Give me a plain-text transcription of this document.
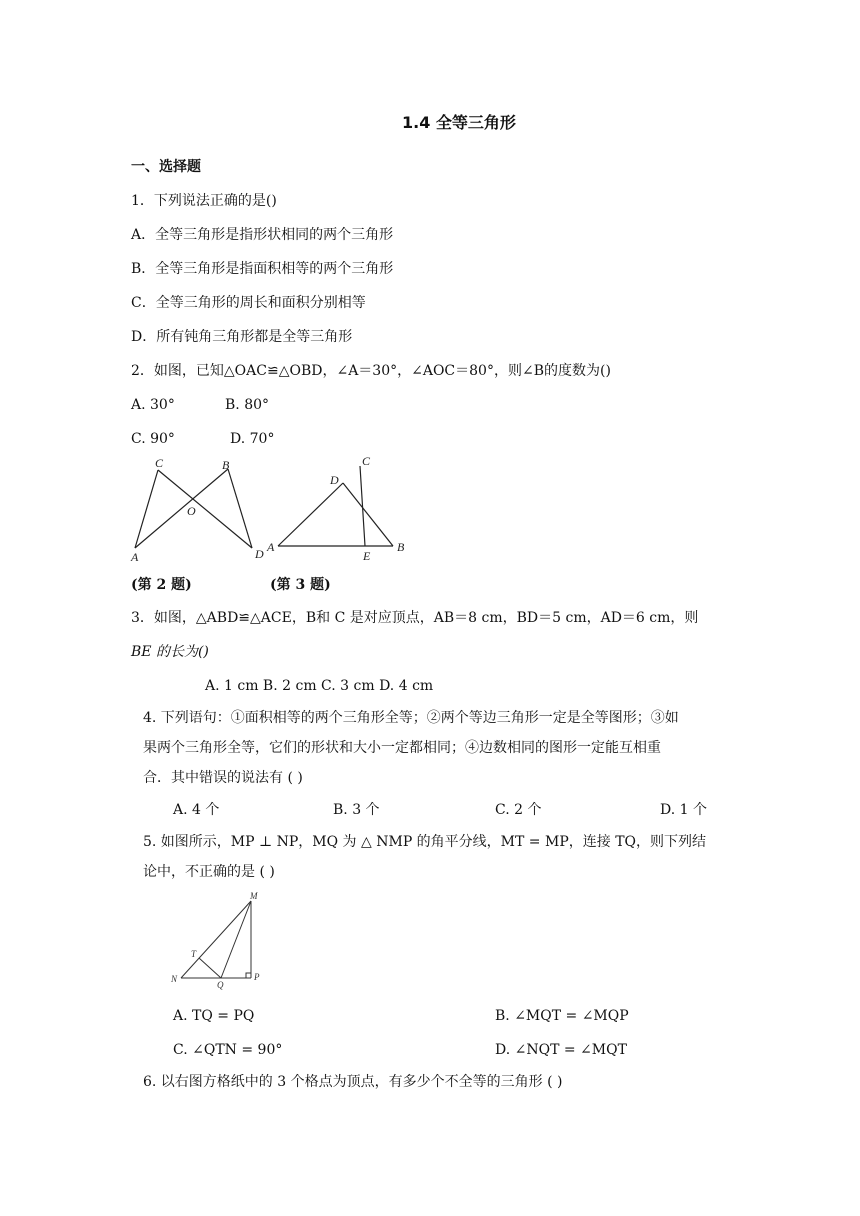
1.4 全等三角形
一、选择题
1．下列说法正确的是()
A．全等三角形是指形状相同的两个三角形
B．全等三角形是指面积相等的两个三角形
C．全等三角形的周长和面积分别相等
D．所有钝角三角形都是全等三角形
2．如图，已知△OAC≌△OBD，∠A＝30°，∠AOC＝80°，则∠B的度数为()
A. 30°	B. 80°
C. 90°	D. 70°
C	B
O
A	D
C
D
A
E
B
(第 2 题)	(第 3 题)
3．如图，△ABD≌△ACE，B和 C 是对应顶点，AB＝8 cm，BD＝5 cm，AD＝6 cm，则
BE 的长为()
A. 1 cm B. 2 cm C. 3 cm D. 4 cm
4. 下列语句：①面积相等的两个三角形全等；②两个等边三角形一定是全等图形；③如
果两个三角形全等，它们的形状和大小一定都相同；④边数相同的图形一定能互相重
合．其中错误的说法有 ( )
A. 4 个	B. 3 个	C. 2 个	D. 1 个
5. 如图所示，MP ⊥ NP，MQ 为 △ NMP 的角平分线，MT = MP，连接 TQ，则下列结
论中，不正确的是 ( )
M
T
N
Q
P
A. TQ = PQ	B. ∠MQT = ∠MQP
C. ∠QTN = 90°	D. ∠NQT = ∠MQT
6. 以右图方格纸中的 3 个格点为顶点，有多少个不全等的三角形 ( )
